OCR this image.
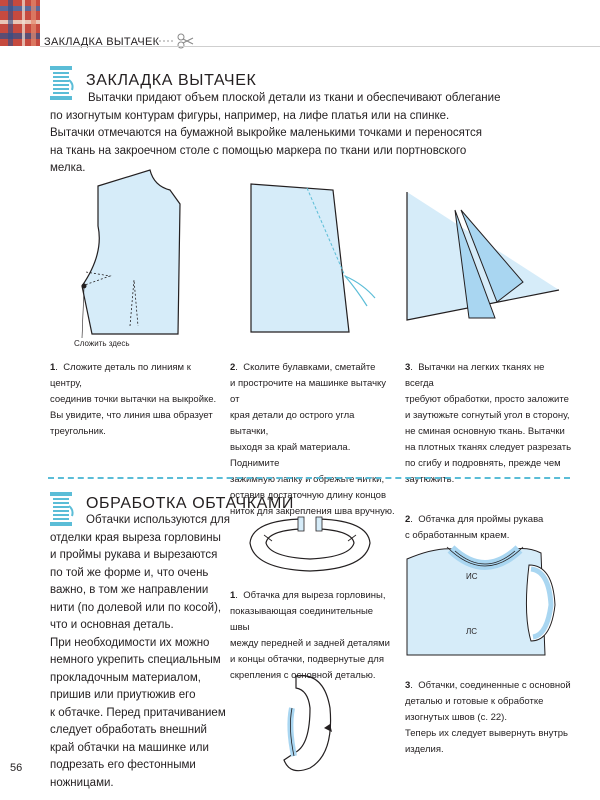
ЗАКЛАДКА ВЫТАЧЕК
ЗАКЛАДКА ВЫТАЧЕК
Вытачки придают объем плоской детали из ткани и обеспечивают облегание
по изогнутым контурам фигуры, например, на лифе платья или на спинке.
Вытачки отмечаются на бумажной выкройке маленькими точками и переносятся
на ткань на закроечном столе с помощью маркера по ткани или портновского
мелка.
Сложить здесь
1.  Сложите деталь по линиям к центру,
соединив точки вытачки на выкройке.
Вы увидите, что линия шва образует
треугольник.
2.  Сколите булавками, сметайте
и прострочите на машинке вытачку от
края детали до острого угла вытачки,
выходя за край материала. Поднимите
зажимную лапку и обрежьте нитки,
оставив достаточную длину концов
ниток для закрепления шва вручную.
3.  Вытачки на легких тканях не всегда
требуют обработки, просто заложите
и заутюжьте согнутый угол в сторону,
не сминая основную ткань. Вытачки
на плотных тканях следует разрезать
по сгибу и подровнять, прежде чем
заутюжить.
ОБРАБОТКА ОБТАЧКАМИ
Обтачки используются для
отделки края выреза горловины
и проймы рукава и вырезаются
по той же форме и, что очень
важно, в том же направлении
нити (по долевой или по косой),
что и основная деталь.
При необходимости их можно
немного укрепить специальным
прокладочным материалом,
пришив или приутюжив его
к обтачке. Перед притачиванием
следует обработать внешний
край обтачки на машинке или
подрезать его фестонными
ножницами.
1.  Обтачка для выреза горловины,
показывающая соединительные швы
между передней и задней деталями
и концы обтачки, подвернутые для
скрепления с основной деталью.
2.  Обтачка для проймы рукава
с обработанным краем.
ИС
ЛС
3.  Обтачки, соединенные с основной
деталью и готовые к обработке
изогнутых швов (с. 22).
Теперь их следует вывернуть внутрь
изделия.
56
